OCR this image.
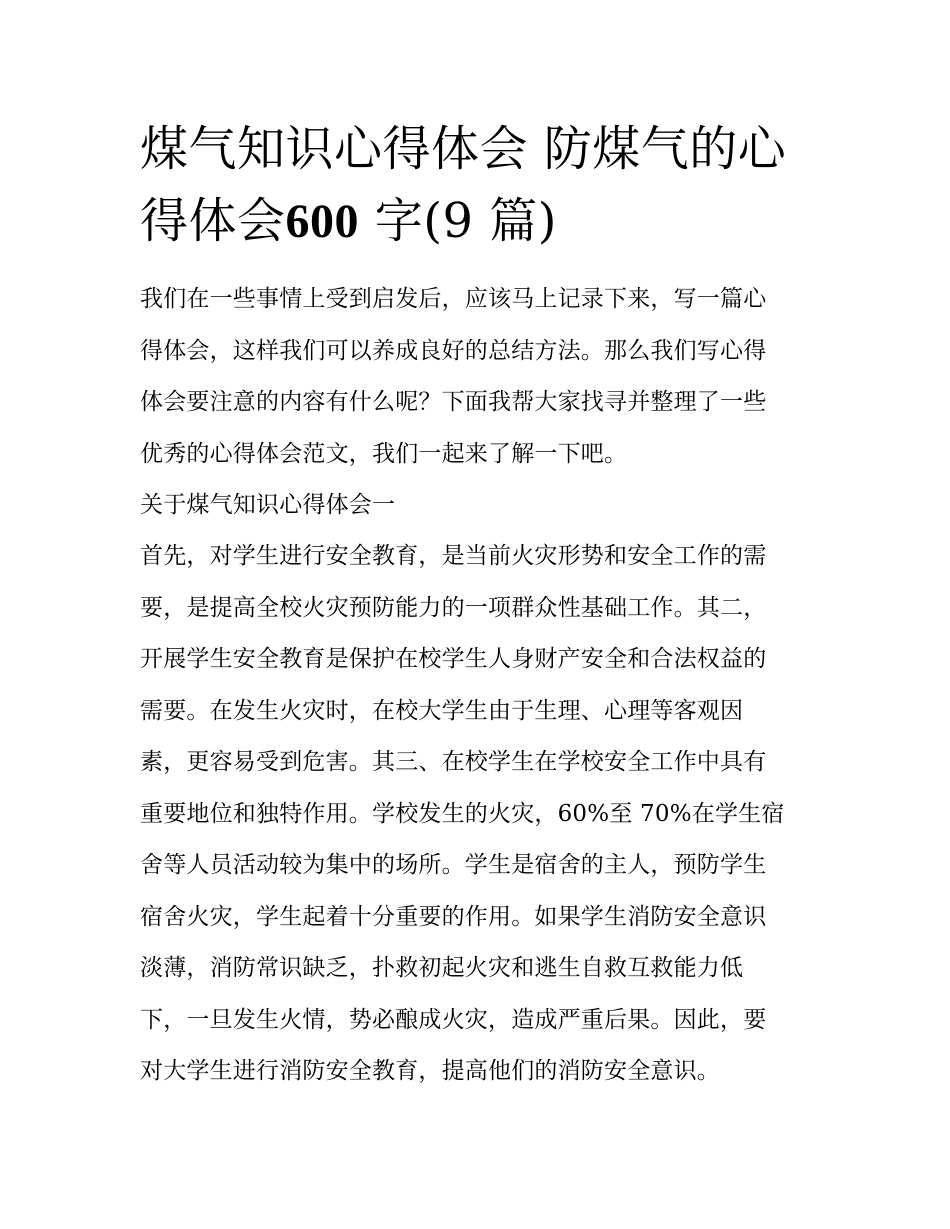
煤气知识心得体会 防煤气的心得体会600 字(9 篇)
我们在一些事情上受到启发后，应该马上记录下来，写一篇心
得体会，这样我们可以养成良好的总结方法。那么我们写心得
体会要注意的内容有什么呢？下面我帮大家找寻并整理了一些
优秀的心得体会范文，我们一起来了解一下吧。
关于煤气知识心得体会一
首先，对学生进行安全教育，是当前火灾形势和安全工作的需
要，是提高全校火灾预防能力的一项群众性基础工作。其二，
开展学生安全教育是保护在校学生人身财产安全和合法权益的
需要。在发生火灾时，在校大学生由于生理、心理等客观因
素，更容易受到危害。其三、在校学生在学校安全工作中具有
重要地位和独特作用。学校发生的火灾，60%至 70%在学生宿
舍等人员活动较为集中的场所。学生是宿舍的主人，预防学生
宿舍火灾，学生起着十分重要的作用。如果学生消防安全意识
淡薄，消防常识缺乏，扑救初起火灾和逃生自救互救能力低
下，一旦发生火情，势必酿成火灾，造成严重后果。因此，要
对大学生进行消防安全教育，提高他们的消防安全意识。
